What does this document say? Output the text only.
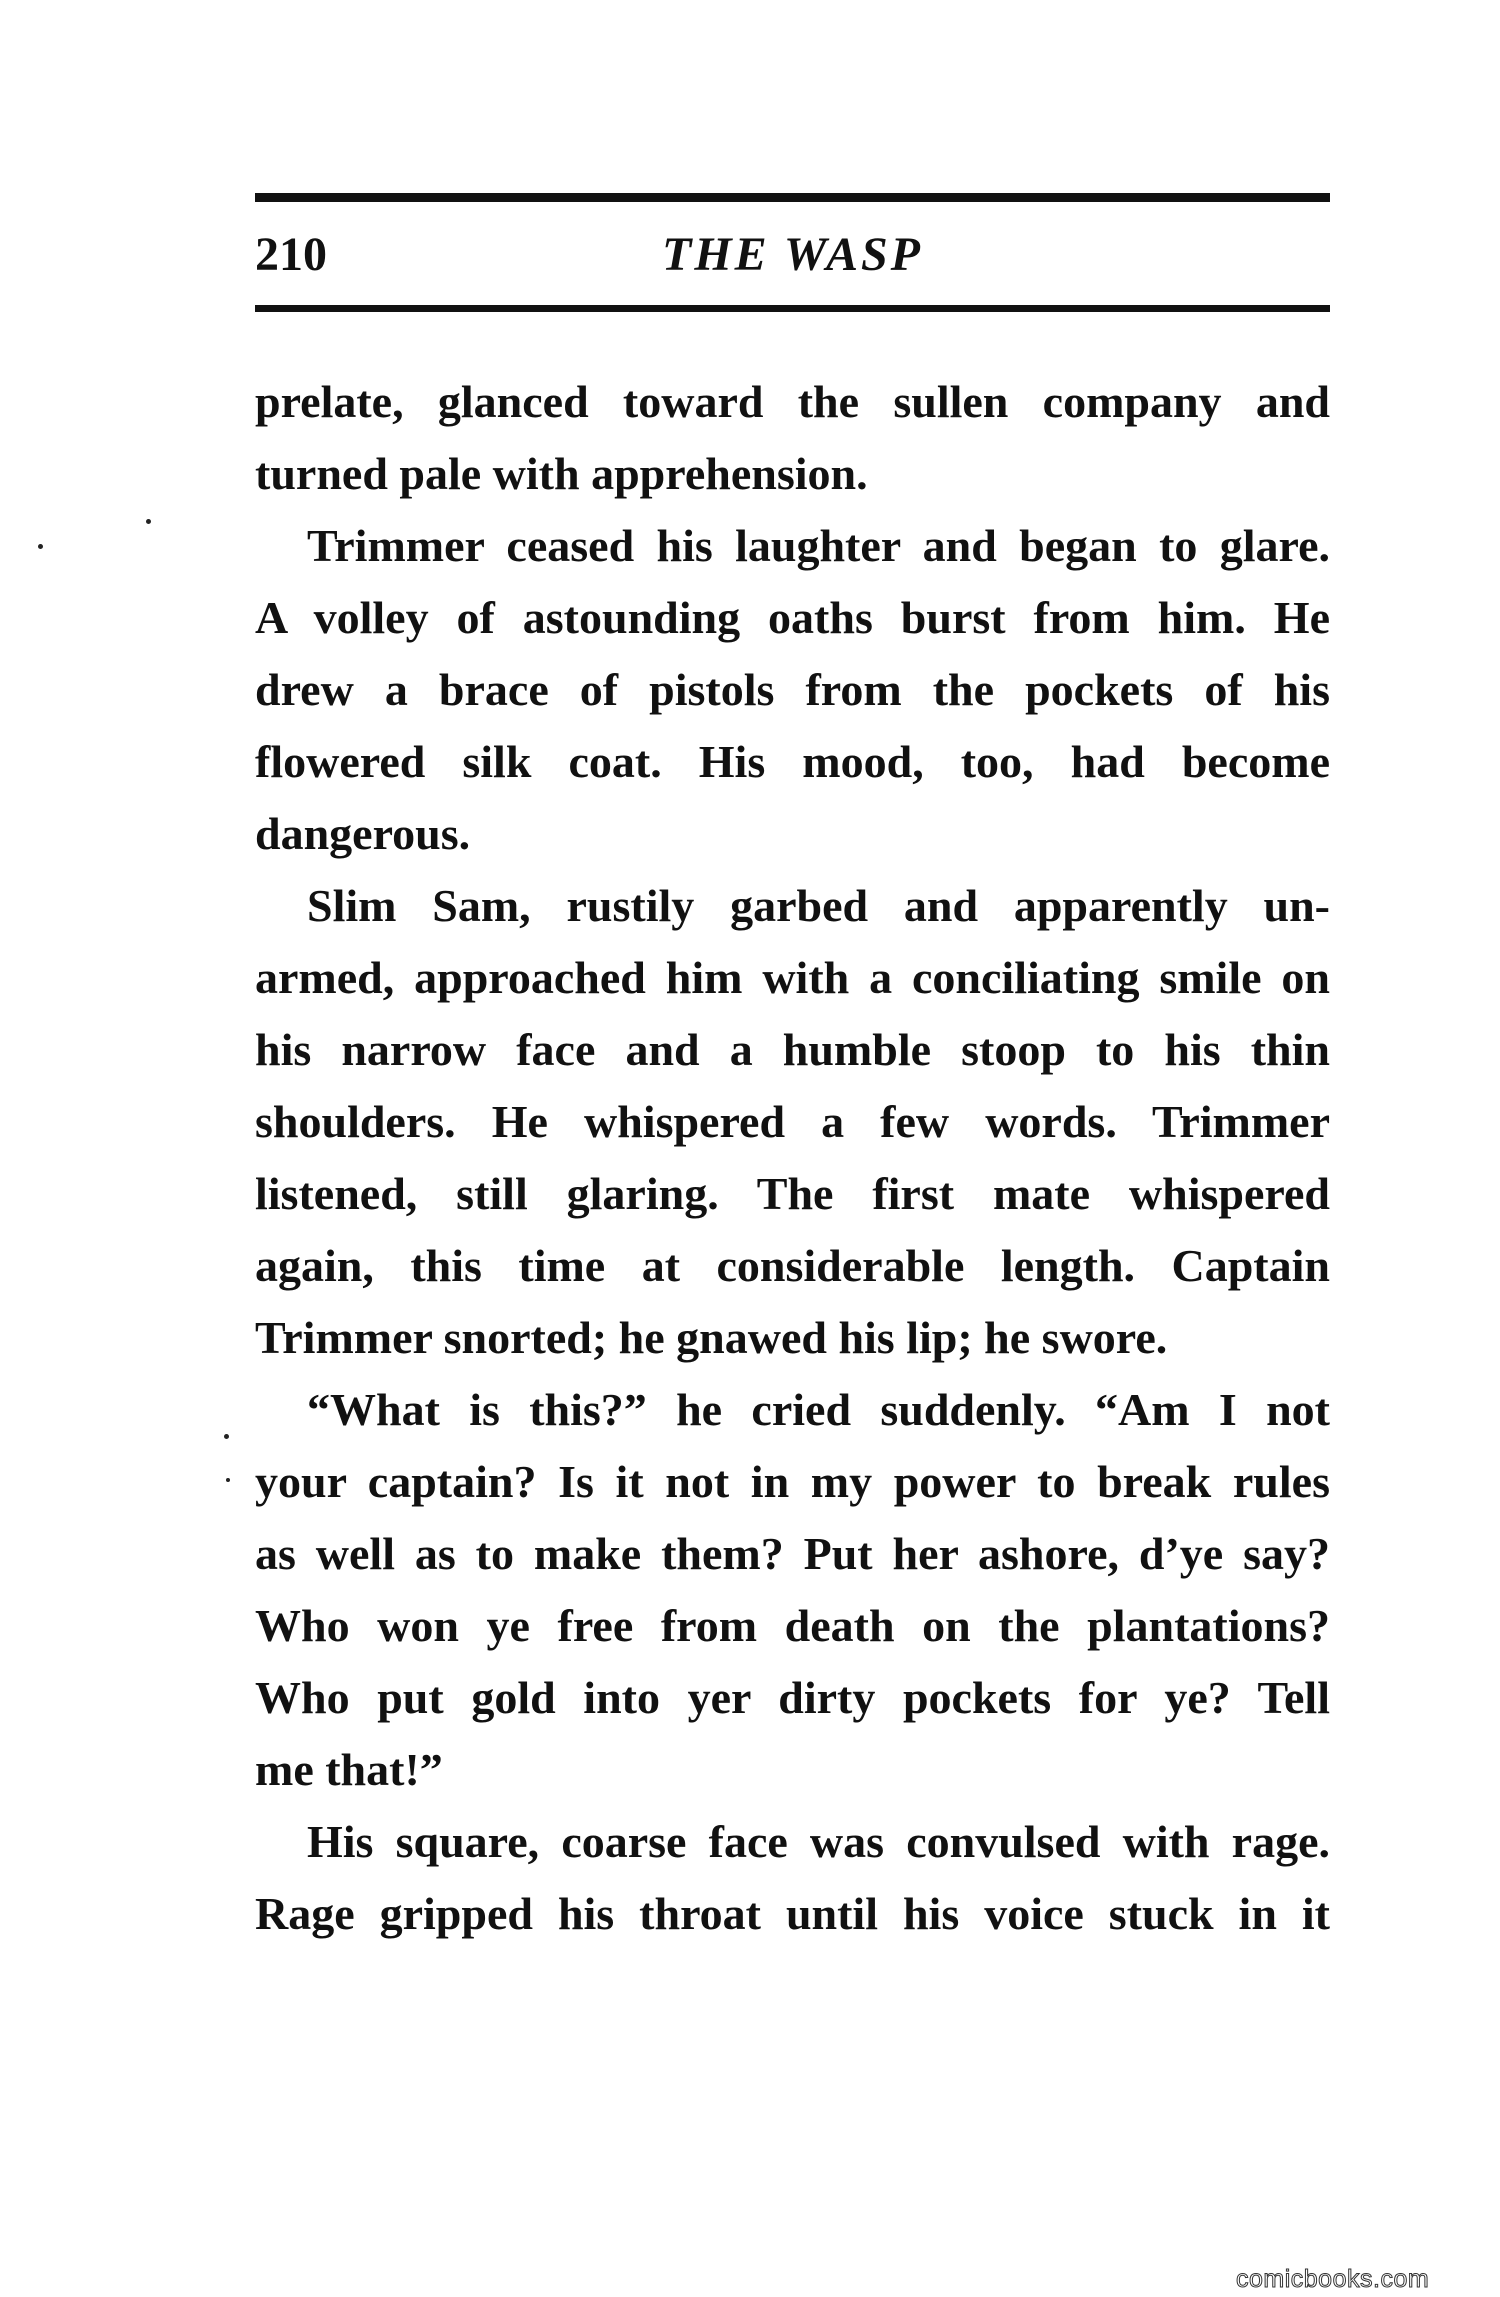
210	THE WASP
prelate, glanced toward the sullen company and
turned pale with apprehension.
Trimmer ceased his laughter and began to glare.
A volley of astounding oaths burst from him. He
drew a brace of pistols from the pockets of his
flowered silk coat. His mood, too, had become
dangerous.
Slim Sam, rustily garbed and apparently un-
armed, approached him with a conciliating smile on
his narrow face and a humble stoop to his thin
shoulders. He whispered a few words. Trimmer
listened, still glaring. The first mate whispered
again, this time at considerable length. Captain
Trimmer snorted; he gnawed his lip; he swore.
“What is this?” he cried suddenly. “Am I not
your captain? Is it not in my power to break rules
as well as to make them? Put her ashore, d’ye say?
Who won ye free from death on the plantations?
Who put gold into yer dirty pockets for ye? Tell
me that!”
His square, coarse face was convulsed with rage.
Rage gripped his throat until his voice stuck in it
comicbooks.com
